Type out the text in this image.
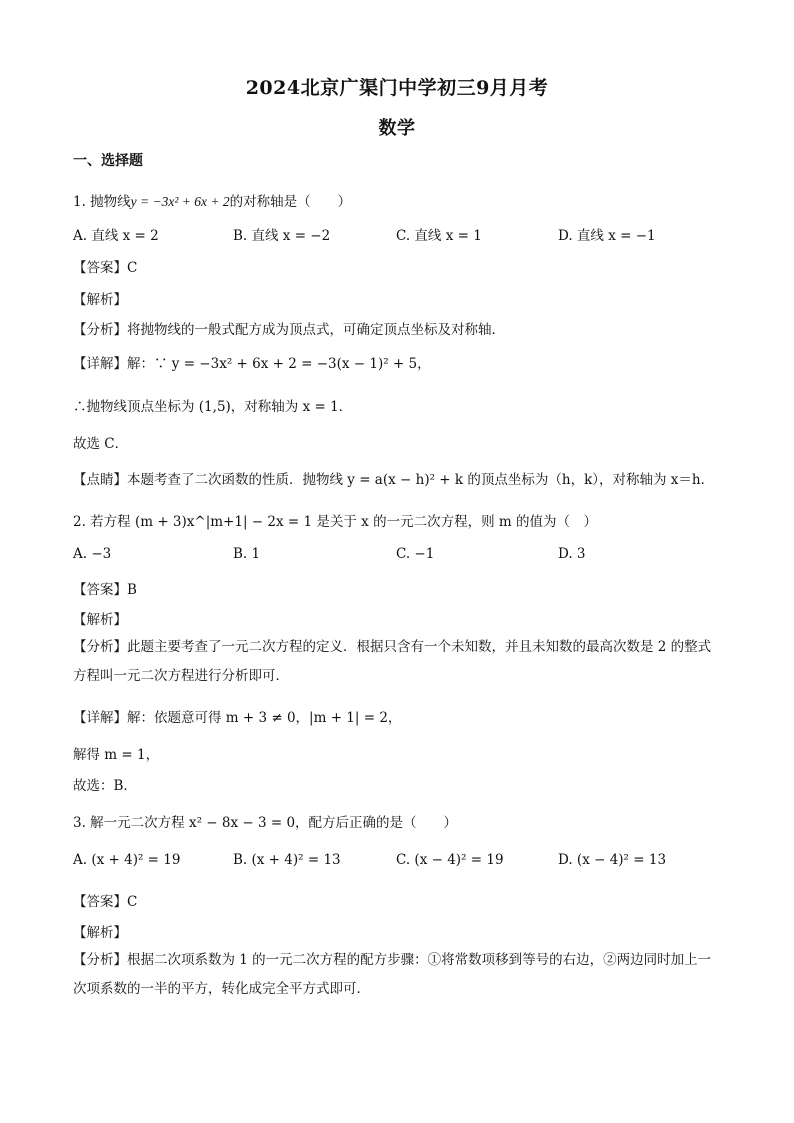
2024北京广渠门中学初三9月月考
数学
一、选择题
1. 抛物线y = −3x² + 6x + 2的对称轴是（　　）
A. 直线 x = 2	B. 直线 x = −2	C. 直线 x = 1	D. 直线 x = −1
【答案】C
【解析】
【分析】将抛物线的一般式配方成为顶点式，可确定顶点坐标及对称轴．
【详解】解：∵ y = −3x² + 6x + 2 = −3(x − 1)² + 5，
∴抛物线顶点坐标为 (1,5)，对称轴为 x = 1．
故选 C．
【点睛】本题考查了二次函数的性质．抛物线 y = a(x − h)² + k 的顶点坐标为（h，k），对称轴为 x＝h．
2. 若方程 (m + 3)x^|m+1| − 2x = 1 是关于 x 的一元二次方程，则 m 的值为（　）
A. −3	B. 1	C. −1	D. 3
【答案】B
【解析】
【分析】此题主要考查了一元二次方程的定义．根据只含有一个未知数，并且未知数的最高次数是 2 的整式方程叫一元二次方程进行分析即可．
【详解】解：依题意可得 m + 3 ≠ 0，|m + 1| = 2，
解得 m = 1，
故选：B．
3. 解一元二次方程 x² − 8x − 3 = 0，配方后正确的是（　　）
A. (x + 4)² = 19	B. (x + 4)² = 13	C. (x − 4)² = 19	D. (x − 4)² = 13
【答案】C
【解析】
【分析】根据二次项系数为 1 的一元二次方程的配方步骤：①将常数项移到等号的右边，②两边同时加上一次项系数的一半的平方，转化成完全平方式即可．
